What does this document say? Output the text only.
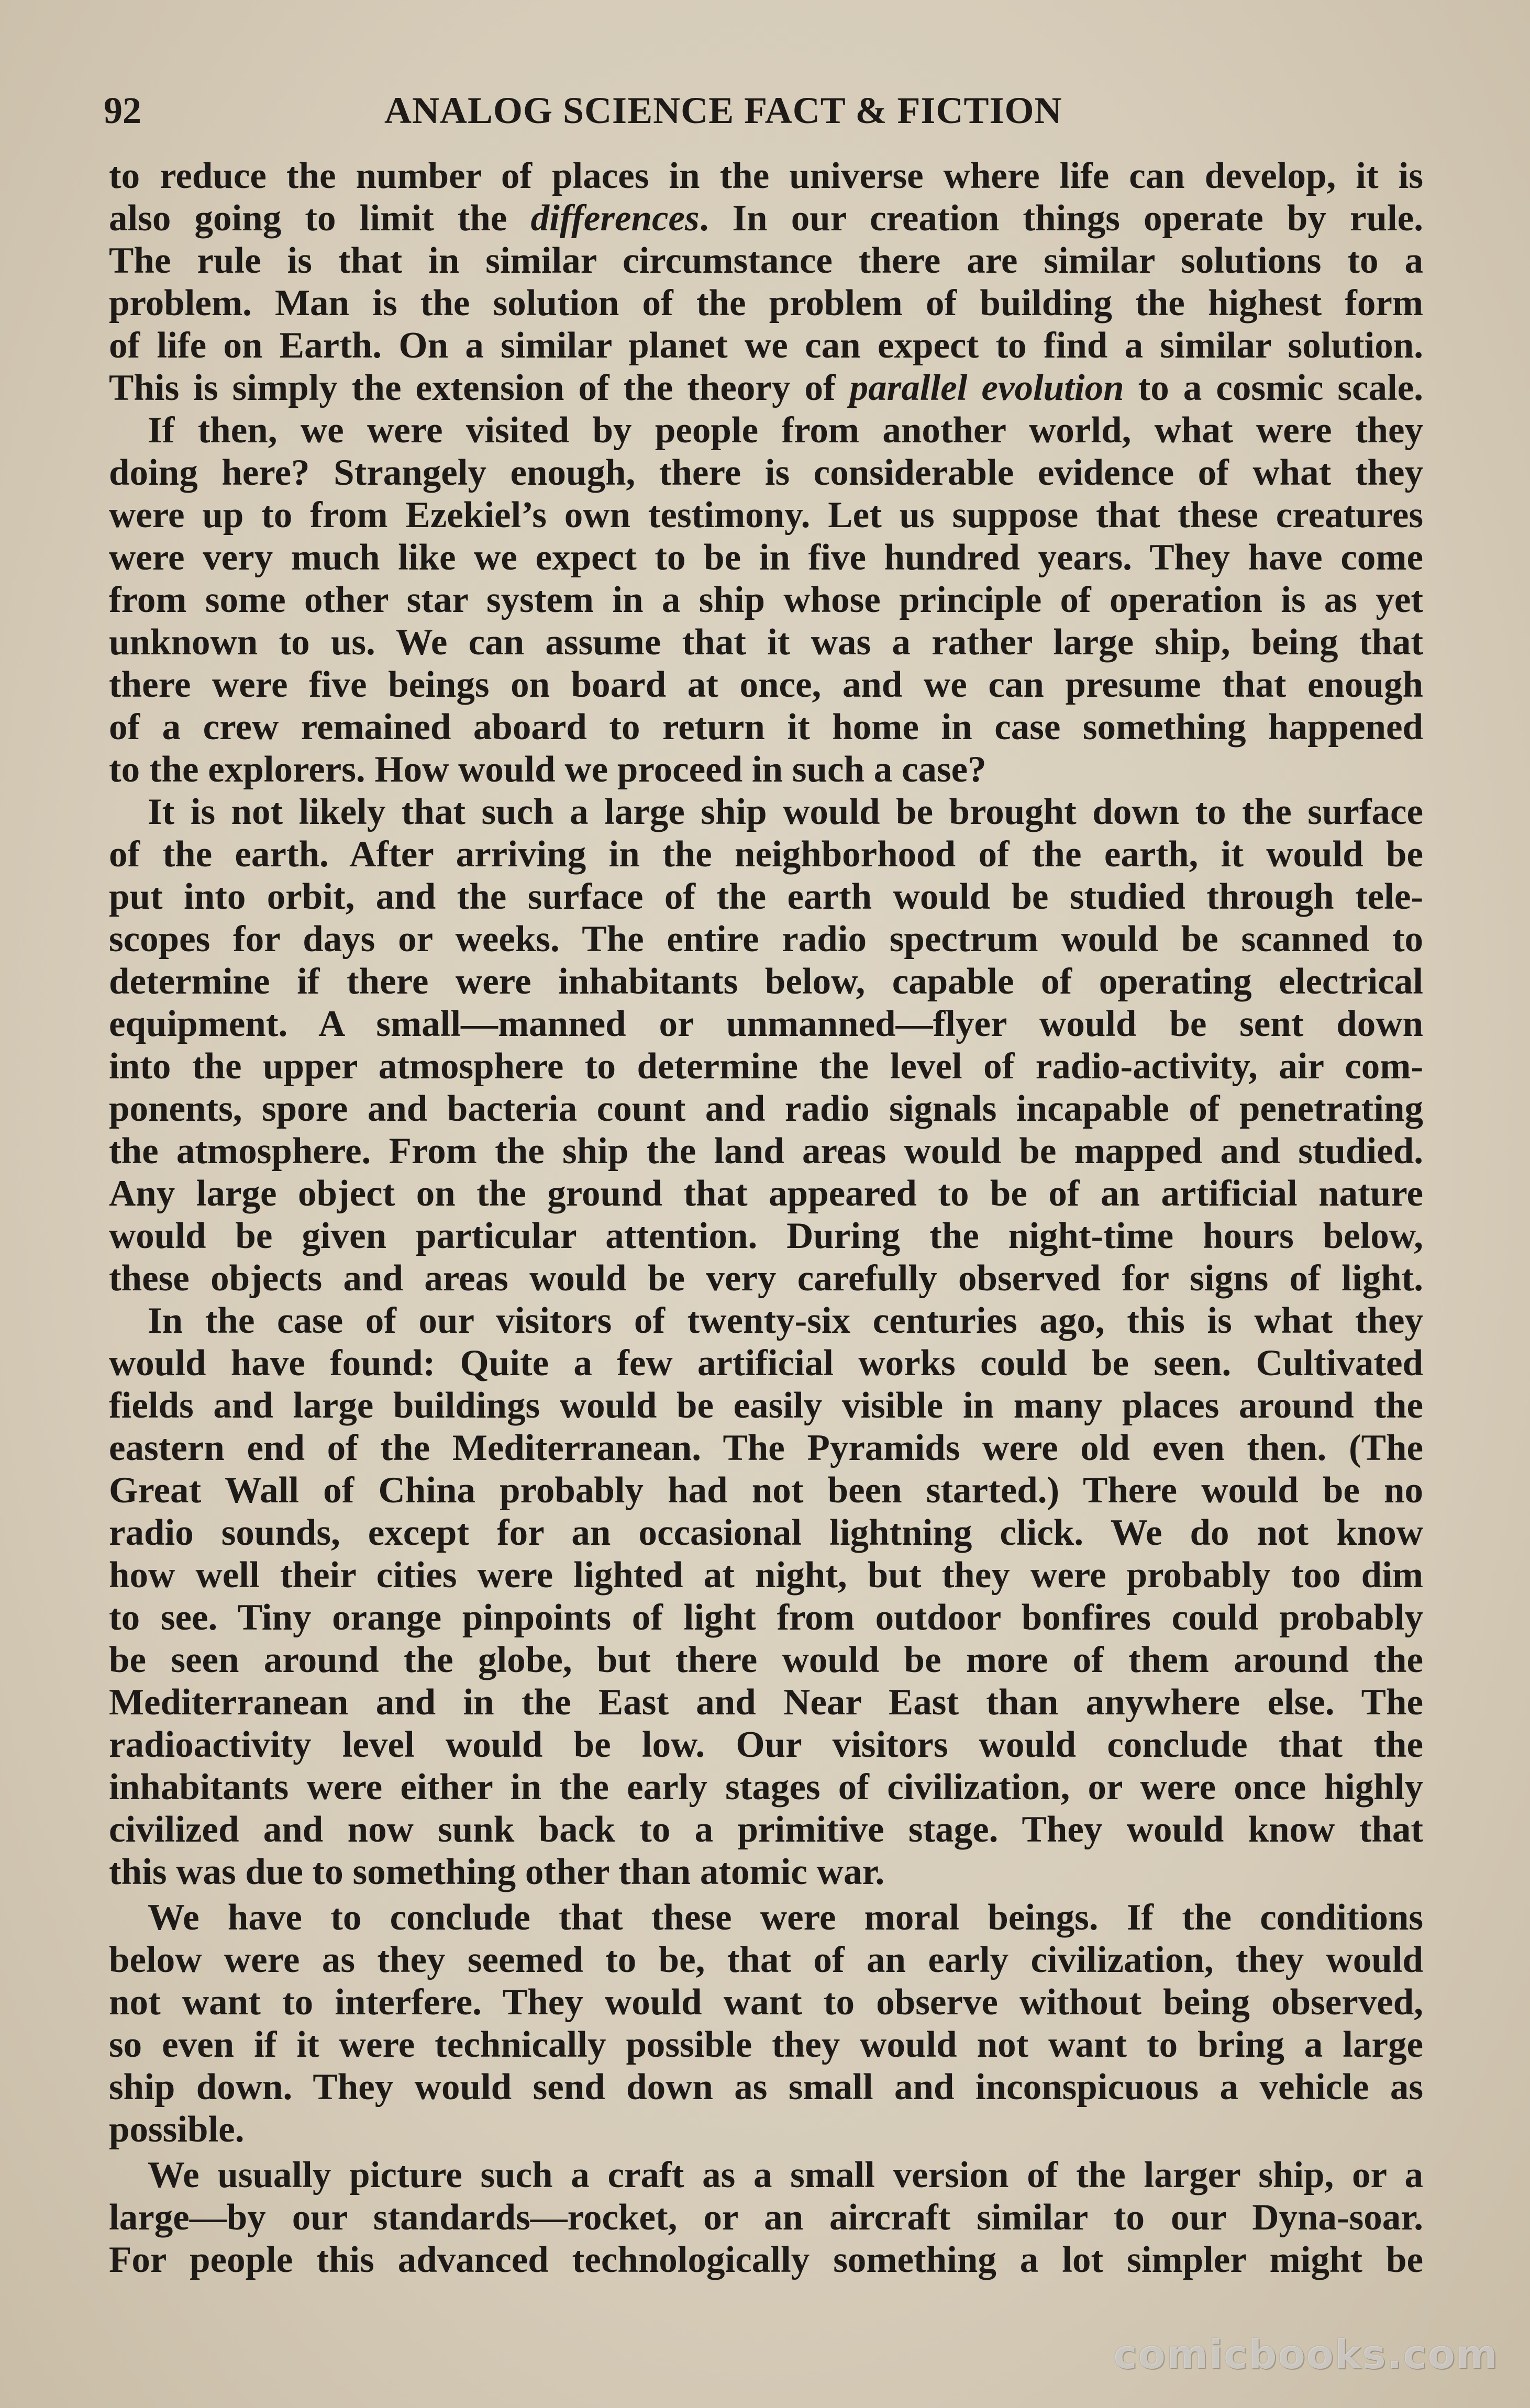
92	ANALOG SCIENCE FACT & FICTION
to reduce the number of places in the universe where life can develop, it is
also going to limit the differences. In our creation things operate by rule.
The rule is that in similar circumstance there are similar solutions to a
problem. Man is the solution of the problem of building the highest form
of life on Earth. On a similar planet we can expect to find a similar solution.
This is simply the extension of the theory of parallel evolution to a cosmic scale.
If then, we were visited by people from another world, what were they
doing here? Strangely enough, there is considerable evidence of what they
were up to from Ezekiel’s own testimony. Let us suppose that these creatures
were very much like we expect to be in five hundred years. They have come
from some other star system in a ship whose principle of operation is as yet
unknown to us. We can assume that it was a rather large ship, being that
there were five beings on board at once, and we can presume that enough
of a crew remained aboard to return it home in case something happened
to the explorers. How would we proceed in such a case?
It is not likely that such a large ship would be brought down to the surface
of the earth. After arriving in the neighborhood of the earth, it would be
put into orbit, and the surface of the earth would be studied through tele-
scopes for days or weeks. The entire radio spectrum would be scanned to
determine if there were inhabitants below, capable of operating electrical
equipment. A small—manned or unmanned—flyer would be sent down
into the upper atmosphere to determine the level of radio-activity, air com-
ponents, spore and bacteria count and radio signals incapable of penetrating
the atmosphere. From the ship the land areas would be mapped and studied.
Any large object on the ground that appeared to be of an artificial nature
would be given particular attention. During the night-time hours below,
these objects and areas would be very carefully observed for signs of light.
In the case of our visitors of twenty-six centuries ago, this is what they
would have found: Quite a few artificial works could be seen. Cultivated
fields and large buildings would be easily visible in many places around the
eastern end of the Mediterranean. The Pyramids were old even then. (The
Great Wall of China probably had not been started.) There would be no
radio sounds, except for an occasional lightning click. We do not know
how well their cities were lighted at night, but they were probably too dim
to see. Tiny orange pinpoints of light from outdoor bonfires could probably
be seen around the globe, but there would be more of them around the
Mediterranean and in the East and Near East than anywhere else. The
radioactivity level would be low. Our visitors would conclude that the
inhabitants were either in the early stages of civilization, or were once highly
civilized and now sunk back to a primitive stage. They would know that
this was due to something other than atomic war.
We have to conclude that these were moral beings. If the conditions
below were as they seemed to be, that of an early civilization, they would
not want to interfere. They would want to observe without being observed,
so even if it were technically possible they would not want to bring a large
ship down. They would send down as small and inconspicuous a vehicle as
possible.
We usually picture such a craft as a small version of the larger ship, or a
large—by our standards—rocket, or an aircraft similar to our Dyna-soar.
For people this advanced technologically something a lot simpler might be
comicbooks.com
